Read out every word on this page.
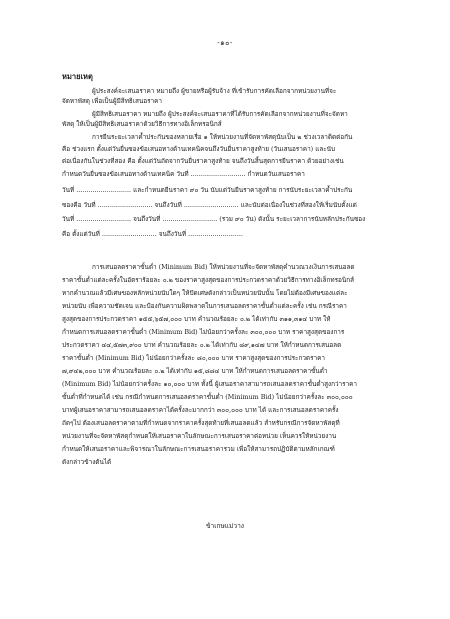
-๑๐-
หมายเหตุ
ผู้ประสงค์จะเสนอราคา หมายถึง ผู้ขายหรือผู้รับจ้าง ที่เข้ารับการคัดเลือกจากหน่วยงานที่จะ
จัดหาพัสดุ เพื่อเป็นผู้มีสิทธิเสนอราคา
ผู้มีสิทธิเสนอราคา หมายถึง ผู้ประสงค์จะเสนอราคาที่ได้รับการคัดเลือกจากหน่วยงานที่จะจัดหา
พัสดุ ให้เป็นผู้มีสิทธิเสนอราคาด้วยวิธีการทางอิเล็กทรอนิกส์
การยืนระยะเวลาค้ำประกันของหลายเรื่อ ๑ ให้หน่วยงานที่จัดหาพัสดุนับเป็น ๒ ช่วงเวลาติดต่อกัน
คือ ช่วงแรก ตั้งแต่วันยื่นซองข้อเสนอทางด้านเทคนิคจนถึงวันยื่นราคาสูงท้าย (วันเสนอราคา) และนับ
ต่อเนื่องกันในช่วงที่สอง คือ ตั้งแต่วันถัดจากวันยื่นราคาสูงท้าย จนถึงวันสิ้นสุดการยืนราคา ด้วยอย่างเช่น
กำหนดวันยื่นซองข้อเสนอทางด้านเทคนิค วันที่ ........................... กำหนดวันเสนอราคา
วันที่ ........................... และกำหนดยืนราคา ๙๐ วัน นับแต่วันยืนราคาสูงท้าย การนับระยะเวลาค้ำประกัน
ซองคือ วันที่ ........................... จนถึงวันที่ ........................... และนับต่อเนื่องในช่วงที่สองให้เริ่มนับตั้งแต่
วันที่ ........................... จนถึงวันที่ ........................... (รวม ๙๐ วัน) ดังนั้น ระยะเวลาการนับหลักประกันซอง
คือ ตั้งแต่วันที่ ........................... จนถึงวันที่ ...........................
การเสนอลดราคาขั้นต่ำ (Minimum Bid) ให้หน่วยงานที่จะจัดหาพัสดุคำนวณวงเงินการเสนอลด
ราคาขั้นต่ำแต่ละครั้งในอัตราร้อยละ ๐.๒ ของราคาสูงสุดของการประกวดราคาด้วยวิธีการทางอิเล็กทรอนิกส์
หากคำนวณแล้วมีเศษของหลักหน่วยนับใดๆ ให้ปัดเศษดังกล่าวเป็นหน่วยนับนั้น โดยไม่ต้องมีเศษของแต่ละ
หน่วยนับ เพื่อความชัดเจน และป้องกันความผิดพลาดในการเสนอลดราคาขั้นต่ำแต่ละครั้ง เช่น กรณีราคา
สูงสุดของการประกวดราคา ๑๕๕,๖๕๗,๐๐๐ บาท คำนวณร้อยละ ๐.๒ ได้เท่ากับ ๓๑๑,๓๑๔ บาท ให้
กำหนดการเสนอลดราคาขั้นต่ำ (Minimum Bid) ไม่น้อยกว่าครั้งละ ๓๐๐,๐๐๐ บาท ราคาสูงสุดของการ
ประกวดราคา ๔๔,๕๗๓,๙๐๐ บาท คำนวณร้อยละ ๐.๒ ได้เท่ากับ ๘๙,๑๔๗ บาท ให้กำหนดการเสนอลด
ราคาขั้นต่ำ (Minimum Bid) ไม่น้อยกว่าครั้งละ ๘๐,๐๐๐ บาท ราคาสูงสุดของการประกวดราคา
๗,๙๔๒,๐๐๐ บาท คำนวณร้อยละ ๐.๒ ได้เท่ากับ ๑๕,๘๘๔ บาท ให้กำหนดการเสนอลดราคาขั้นต่ำ
(Minimum Bid) ไม่น้อยกว่าครั้งละ ๑๐,๐๐๐ บาท ทั้งนี้ ผู้เสนอราคาสามารถเสนอลดราคาขั้นต่ำสูงกว่าราคา
ขั้นต่ำที่กำหนดได้ เช่น กรณีกำหนดการเสนอลดราคาขั้นต่ำ (Minimum Bid) ไม่น้อยกว่าครั้งละ ๓๐๐,๐๐๐
บาทผู้เสนอราคาสามารถเสนอลดราคาได้ครั้งละมากกว่า ๓๐๐,๐๐๐ บาท ได้ และการเสนอลดราคาครั้ง
ถัดๆไป ต้องเสนอลดราคาตามที่กำหนดจากราคาครั้งสุดท้ายที่เสนอลดแล้ว สำหรับกรณีการจัดหาพัสดุที่
หน่วยงานที่จะจัดหาพัสดุกำหนดให้เสนอราคาในลักษณะการเสนอราคาต่อหน่วย เห็นควรให้หน่วยงาน
กำหนดให้เสนอราคาและพิจารณาในลักษณะการเสนอราคารวม เพื่อให้สามารถปฏิบัติตามหลักเกณฑ์
ดังกล่าวข้างต้นได้
ข้าเกษแม่วาง
